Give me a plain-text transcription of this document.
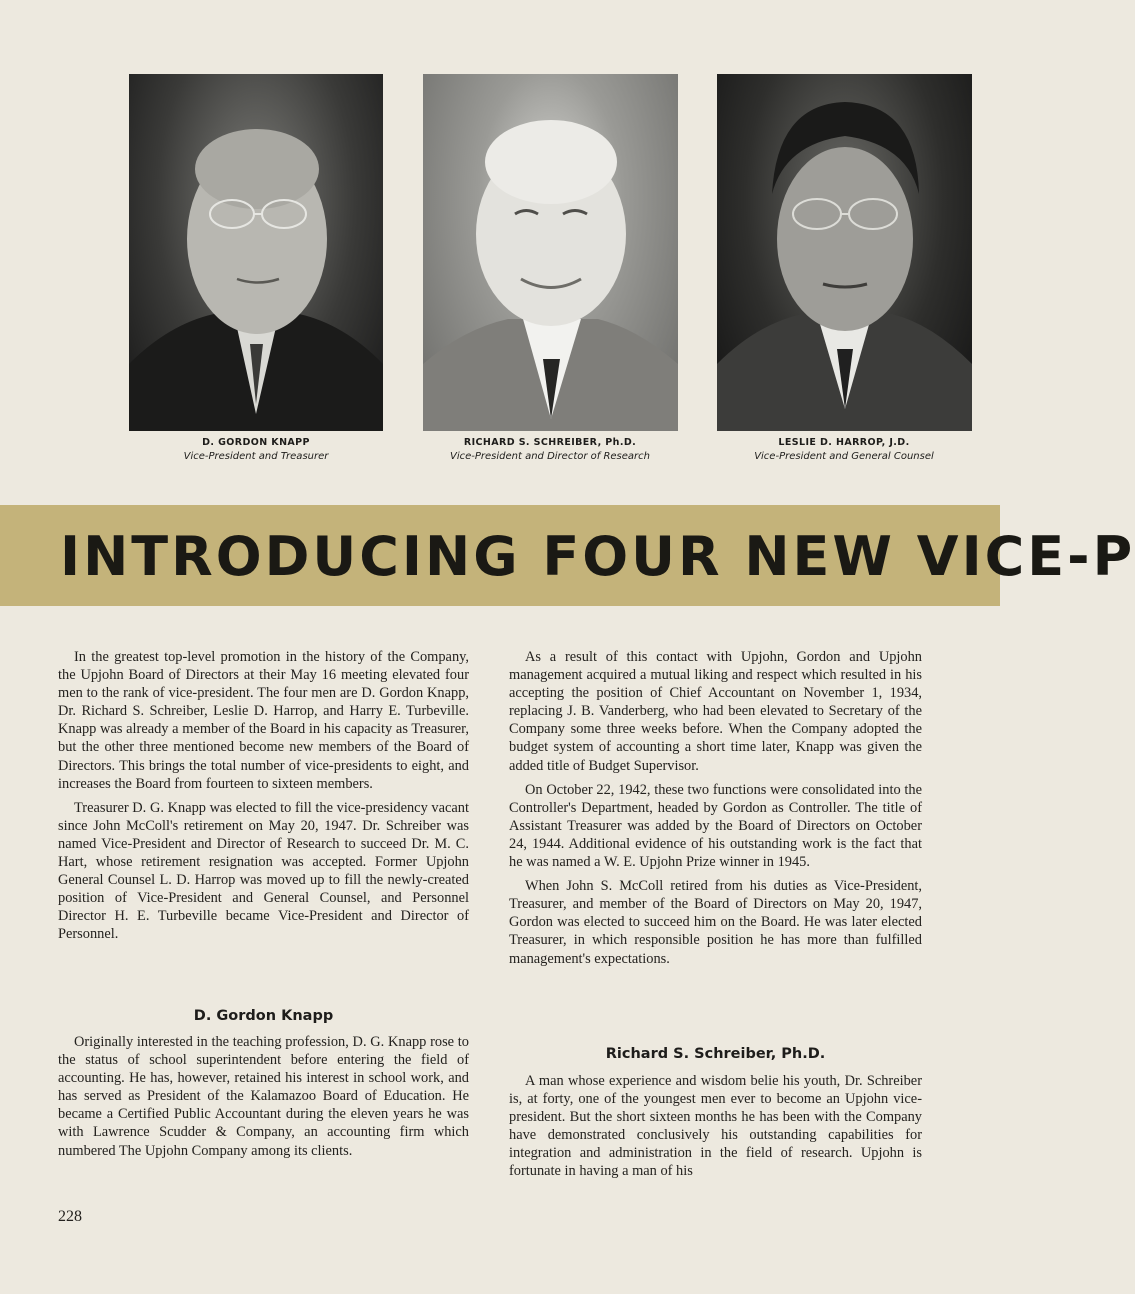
D. GORDON KNAPP
Vice-President and Treasurer
RICHARD S. SCHREIBER, Ph.D.
Vice-President and Director of Research
LESLIE D. HARROP, J.D.
Vice-President and General Counsel
INTRODUCING FOUR NEW VICE-P

In the greatest top-level promotion in the history of the Company, the Upjohn Board of Directors at their May 16 meeting elevated four men to the rank of vice-president. The four men are D. Gordon Knapp, Dr. Richard S. Schreiber, Leslie D. Harrop, and Harry E. Turbeville. Knapp was already a member of the Board in his capacity as Treasurer, but the other three mentioned become new members of the Board of Directors. This brings the total number of vice-presidents to eight, and increases the Board from fourteen to sixteen members.

Treasurer D. G. Knapp was elected to fill the vice-presidency vacant since John McColl's retirement on May 20, 1947. Dr. Schreiber was named Vice-President and Director of Research to succeed Dr. M. C. Hart, whose retirement resignation was accepted. Former Upjohn General Counsel L. D. Harrop was moved up to fill the newly-created position of Vice-President and General Counsel, and Personnel Director H. E. Turbeville became Vice-President and Director of Personnel.

D. Gordon Knapp

Originally interested in the teaching profession, D. G. Knapp rose to the status of school superintendent before entering the field of accounting. He has, however, retained his interest in school work, and has served as President of the Kalamazoo Board of Education. He became a Certified Public Accountant during the eleven years he was with Lawrence Scudder & Company, an accounting firm which numbered The Upjohn Company among its clients.

As a result of this contact with Upjohn, Gordon and Upjohn management acquired a mutual liking and respect which resulted in his accepting the position of Chief Accountant on November 1, 1934, replacing J. B. Vanderberg, who had been elevated to Secretary of the Company some three weeks before. When the Company adopted the budget system of accounting a short time later, Knapp was given the added title of Budget Supervisor.

On October 22, 1942, these two functions were consolidated into the Controller's Department, headed by Gordon as Controller. The title of Assistant Treasurer was added by the Board of Directors on October 24, 1944. Additional evidence of his outstanding work is the fact that he was named a W. E. Upjohn Prize winner in 1945.

When John S. McColl retired from his duties as Vice-President, Treasurer, and member of the Board of Directors on May 20, 1947, Gordon was elected to succeed him on the Board. He was later elected Treasurer, in which responsible position he has more than fulfilled management's expectations.

Richard S. Schreiber, Ph.D.

A man whose experience and wisdom belie his youth, Dr. Schreiber is, at forty, one of the youngest men ever to become an Upjohn vice-president. But the short sixteen months he has been with the Company have demonstrated conclusively his outstanding capabilities for integration and administration in the field of research. Upjohn is fortunate in having a man of his

228
